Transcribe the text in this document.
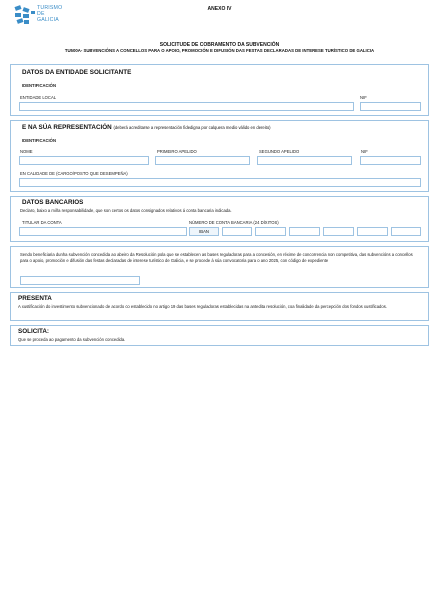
TURISMO
DE
GALICIA
ANEXO IV
SOLICITUDE DE COBRAMENTO DA SUBVENCIÓN
TU500A- SUBVENCIÓNS A CONCELLOS PARA O APOIO, PROMOCIÓN E DIFUSIÓN DAS FESTAS DECLARADAS DE INTERESE TURÍSTICO DE GALICIA
DATOS DA ENTIDADE SOLICITANTE
IDENTIFICACIÓN
ENTIDADE LOCAL	NIF
E NA SÚA REPRESENTACIÓN (deberá acreditarse a representación fidedigna por calquera medio válido en dereito)
IDENTIFICACIÓN
NOME	PRIMEIRO APELIDO	SEGUNDO APELIDO	NIF
EN CALIDADE DE (CARGO/POSTO QUE DESEMPEÑA)
DATOS BANCARIOS
Declaro, baixo a miña responsabilidade, que son certos os datos consignados relativos á conta bancaria indicada.
TITULAR DA CONTA	NÚMERO DE CONTA BANCARIA (24 DÍXITOS)
IBAN
Sendo beneficiaria dunha subvención concedida ao abeiro da Resolución pola que se establecen as bases reguladoras para a concesión, en réxime de concorrencia non competitiva, das subvencións a concellos para o apoio, promoción e difusión das festas declaradas de interese turístico de Galicia, e se procede á súa convocatoria para o ano 2025, con código de expediente
PRESENTA
A xustificación do investimento subvencionado de acordo co establecido no artigo 19 das bases reguladoras establecidas na antedita resolución, coa finalidade da percepción dos fondos xustificados.
SOLICITA:
Que se proceda ao pagamento da subvención concedida.
